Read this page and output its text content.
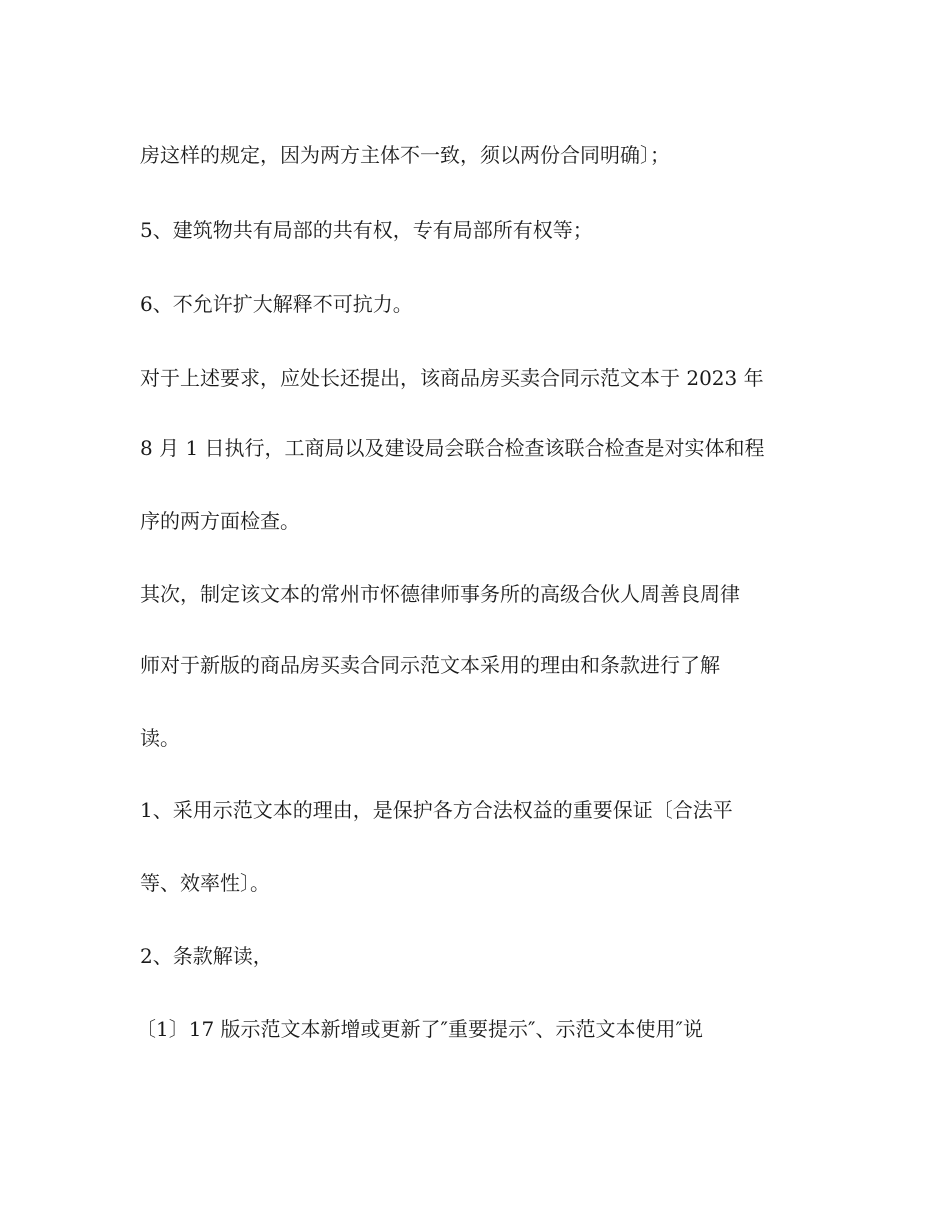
房这样的规定，因为两方主体不一致，须以两份合同明确〕；
5、建筑物共有局部的共有权，专有局部所有权等；
6、不允许扩大解释不可抗力。
对于上述要求，应处长还提出，该商品房买卖合同示范文本于 2023 年
8 月 1 日执行，工商局以及建设局会联合检查该联合检查是对实体和程
序的两方面检查。
其次，制定该文本的常州市怀德律师事务所的高级合伙人周善良周律
师对于新版的商品房买卖合同示范文本采用的理由和条款进行了解
读。
1、采用示范文本的理由，是保护各方合法权益的重要保证〔合法平
等、效率性〕。
2、条款解读，
〔1〕17 版示范文本新增或更新了″重要提示″、示范文本使用″说
